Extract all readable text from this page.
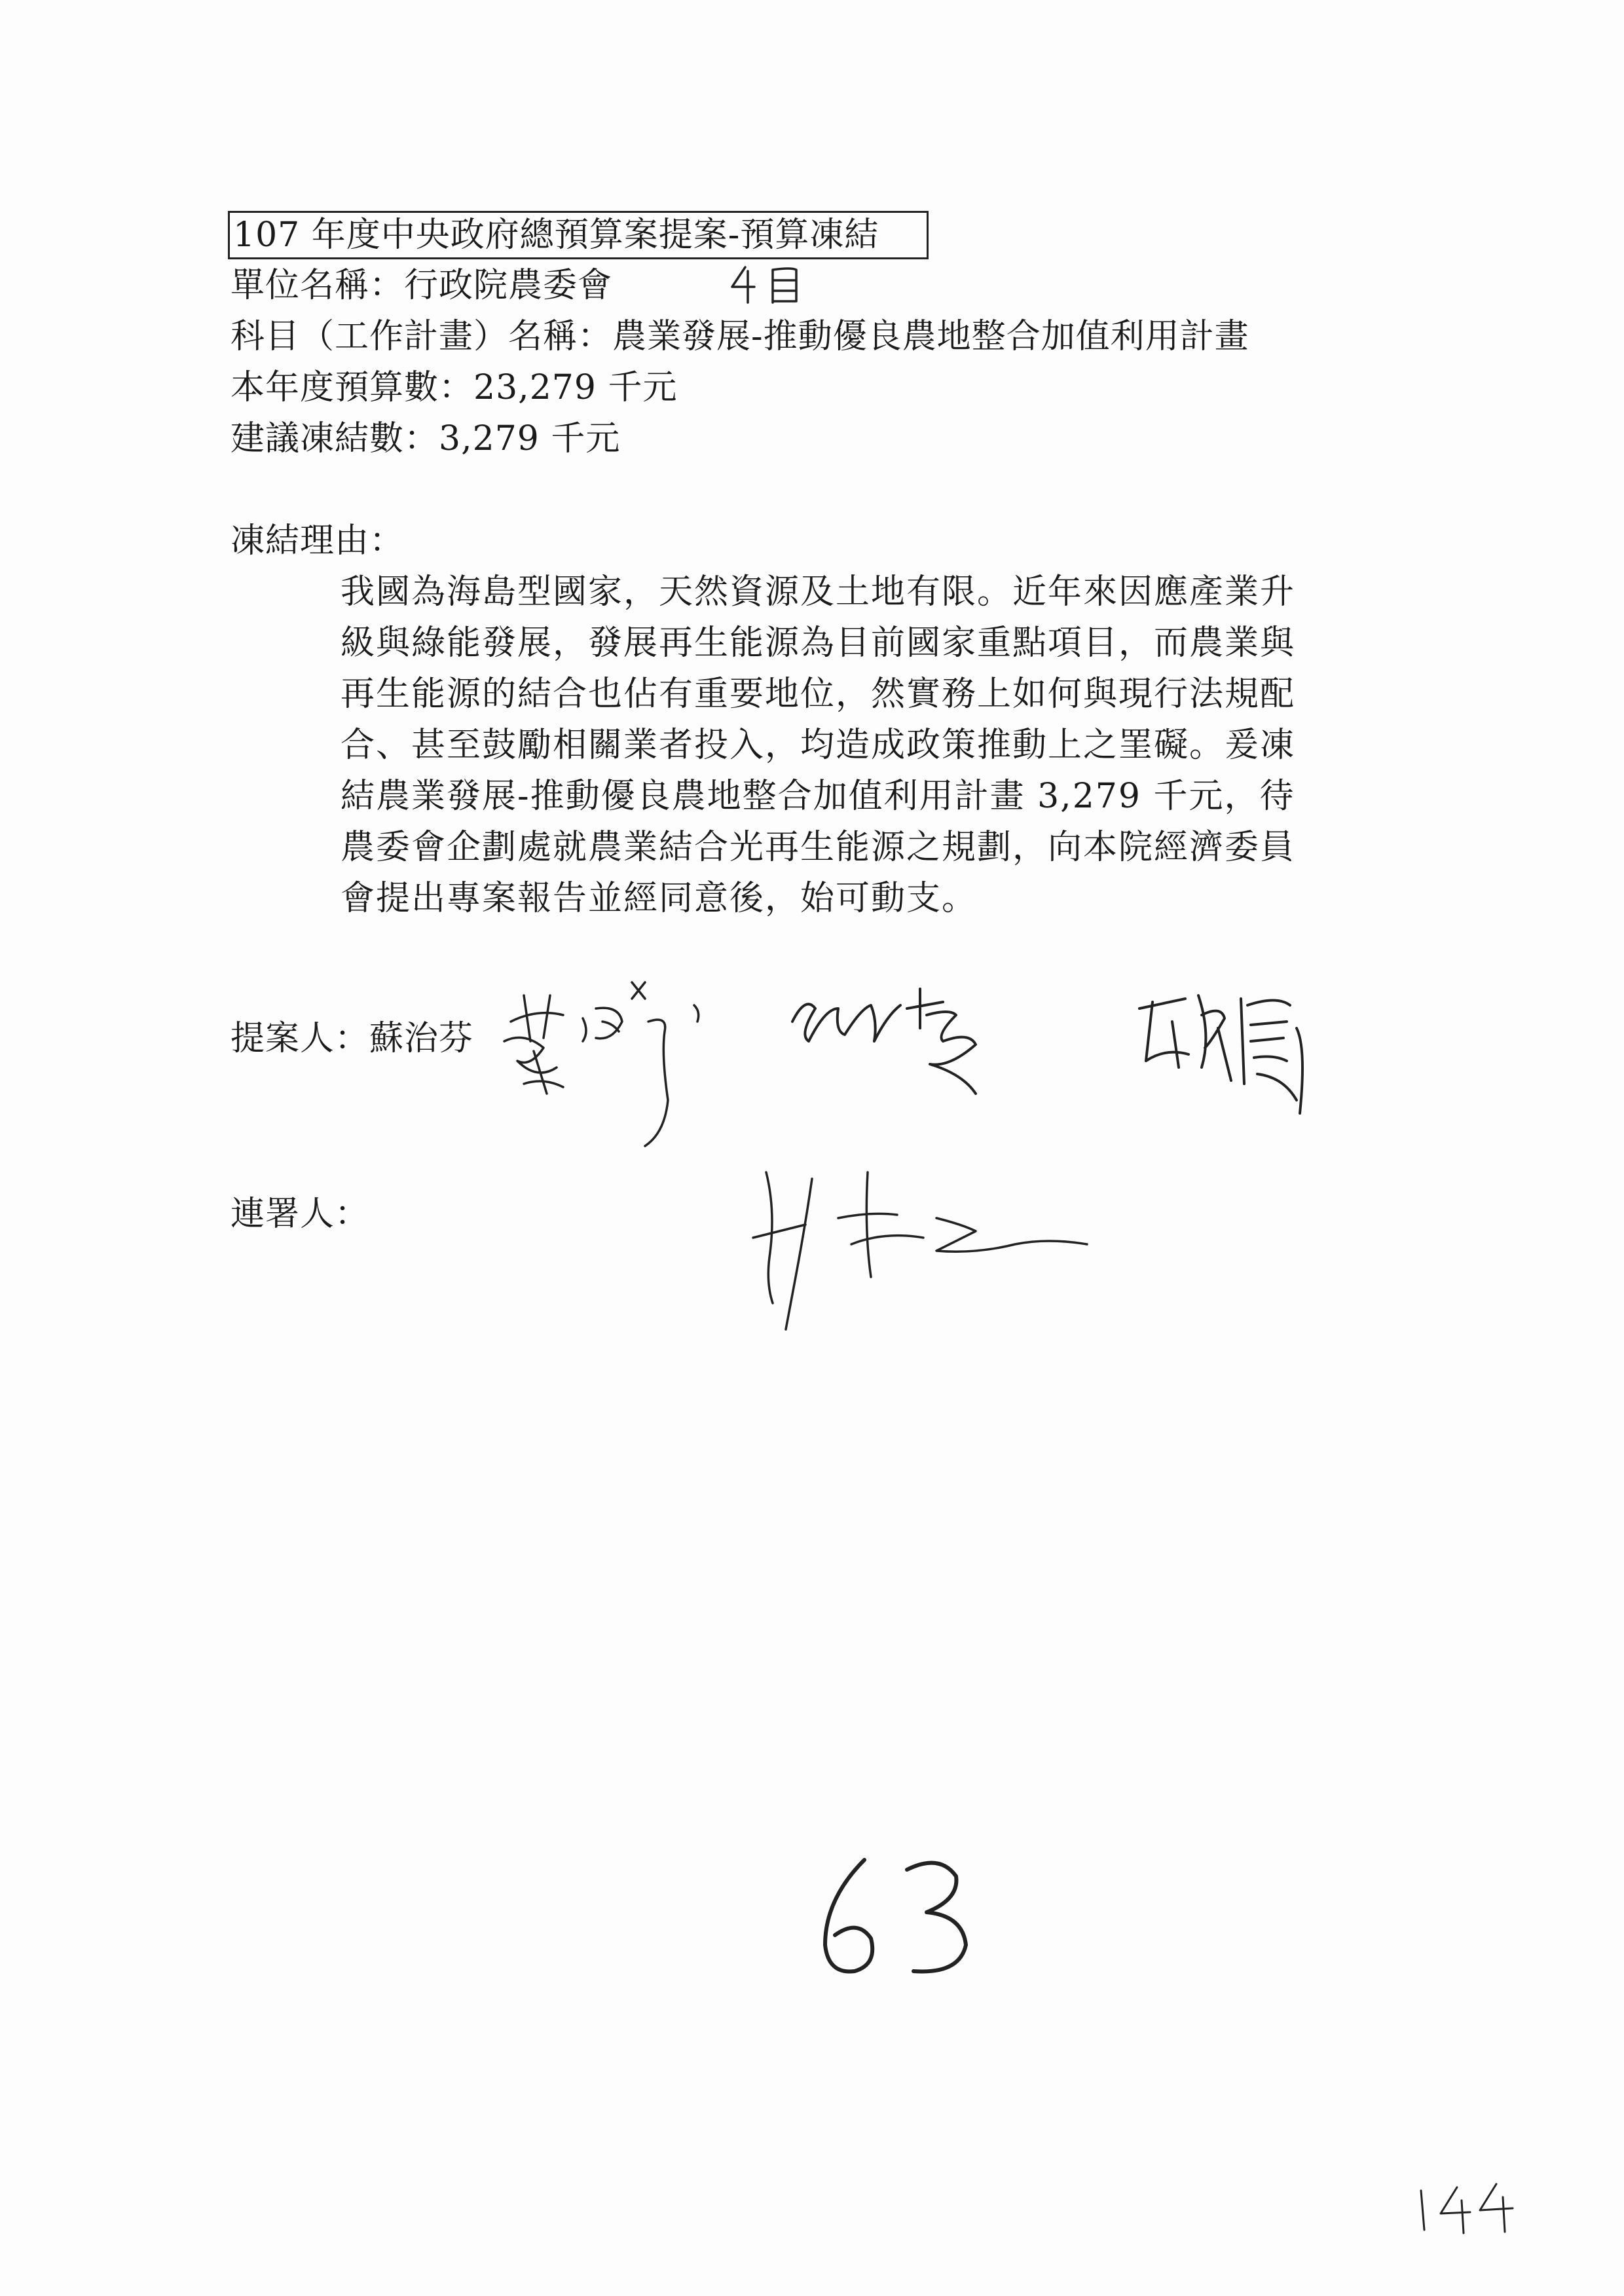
107 年度中央政府總預算案提案-預算凍結
單位名稱：行政院農委會
科目（工作計畫）名稱：農業發展-推動優良農地整合加值利用計畫
本年度預算數：23,279 千元
建議凍結數：3,279 千元
凍結理由：
我國為海島型國家，天然資源及土地有限。近年來因應產業升
級與綠能發展，發展再生能源為目前國家重點項目，而農業與
再生能源的結合也佔有重要地位，然實務上如何與現行法規配
合、甚至鼓勵相關業者投入，均造成政策推動上之罣礙。爰凍
結農業發展-推動優良農地整合加值利用計畫 3,279 千元，待
農委會企劃處就農業結合光再生能源之規劃，向本院經濟委員
會提出專案報告並經同意後，始可動支。
提案人：蘇治芬
連署人：
